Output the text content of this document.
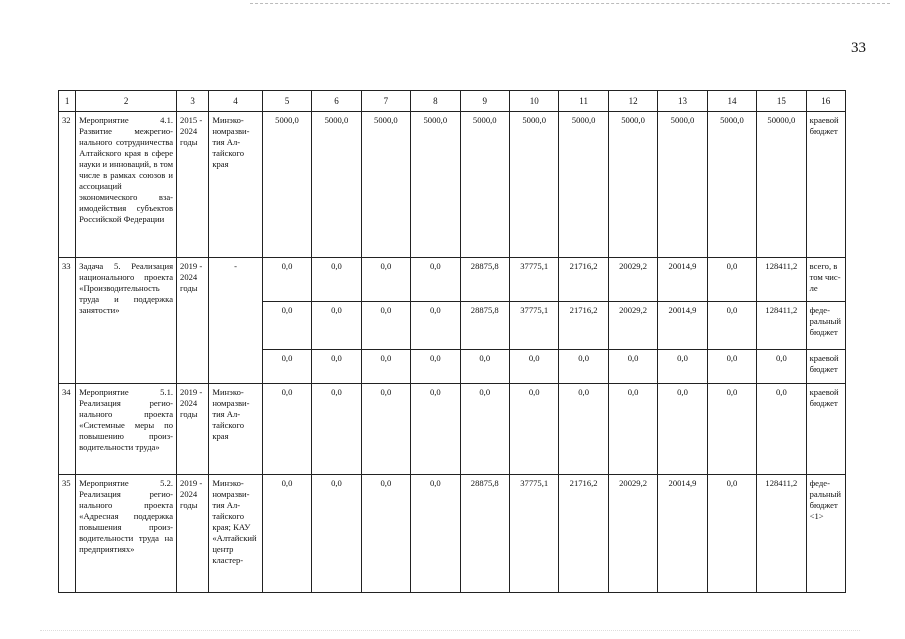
33
1	2	3	4	5	6	7	8	9	10	11	12	13	14	15	16
32	Мероприятие 4.1. Развитие межрегионального сотрудничества Алтайского края в сфере науки и инноваций, в том числе в рамках союзов и ассоциаций экономического взаимодействия субъектов Российской Федерации	2015 - 2024 годы	Минэкономразвития Алтайского края	5000,0	5000,0	5000,0	5000,0	5000,0	5000,0	5000,0	5000,0	5000,0	5000,0	50000,0	краевой бюджет
33	Задача 5. Реализация национального проекта «Производительность труда и поддержка занятости»	2019 - 2024 годы	-	0,0	0,0	0,0	0,0	28875,8	37775,1	21716,2	20029,2	20014,9	0,0	128411,2	всего, в том числе
				0,0	0,0	0,0	0,0	28875,8	37775,1	21716,2	20029,2	20014,9	0,0	128411,2	федеральный бюджет
				0,0	0,0	0,0	0,0	0,0	0,0	0,0	0,0	0,0	0,0	0,0	краевой бюджет
34	Мероприятие 5.1. Реализация регионального проекта «Системные меры по повышению производительности труда»	2019 - 2024 годы	Минэкономразвития Алтайского края	0,0	0,0	0,0	0,0	0,0	0,0	0,0	0,0	0,0	0,0	0,0	краевой бюджет
35	Мероприятие 5.2. Реализация регионального проекта «Адресная поддержка повышения производительности труда на предприятиях»	2019 - 2024 годы	Минэкономразвития Алтайского края; КАУ «Алтайский центр кластер-	0,0	0,0	0,0	0,0	28875,8	37775,1	21716,2	20029,2	20014,9	0,0	128411,2	федеральный бюджет <1>
